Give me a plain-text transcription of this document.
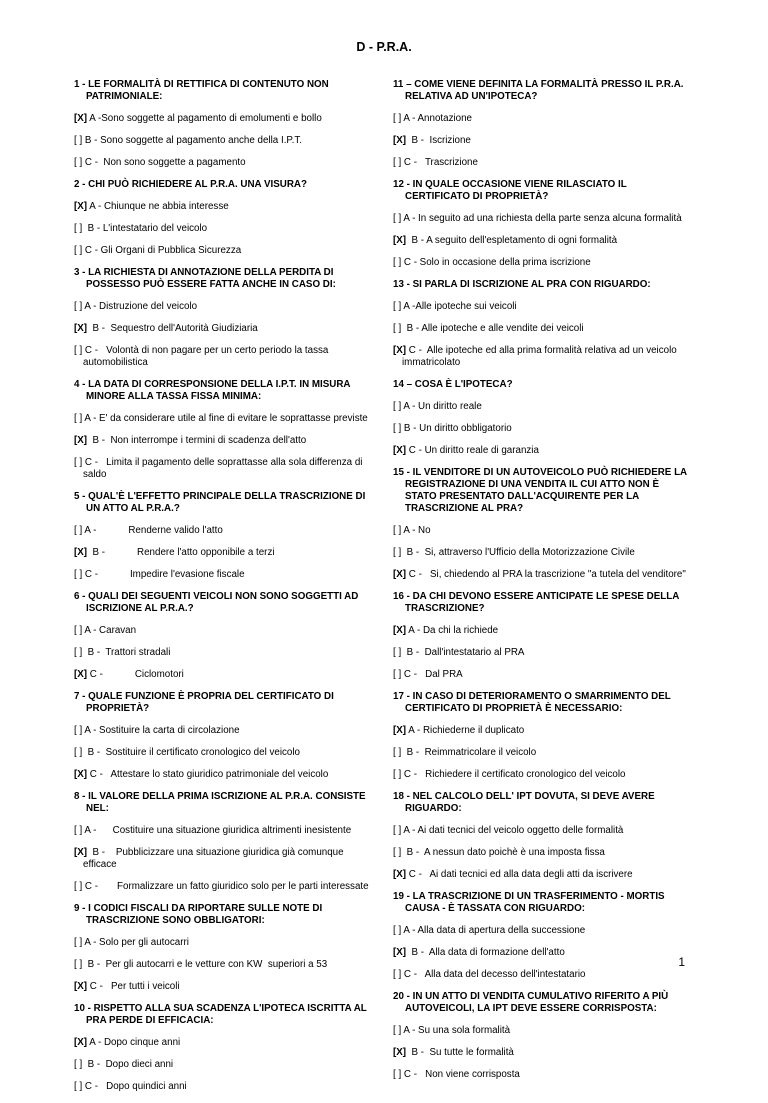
D - P.R.A.
1 - LE FORMALITÀ DI RETTIFICA DI CONTENUTO NON PATRIMONIALE:
[X] A -Sono soggette al pagamento di emolumenti e bollo
[ ] B - Sono soggette al pagamento anche della I.P.T.
[ ] C -  Non sono soggette a pagamento
2 - CHI PUÒ RICHIEDERE AL P.R.A. UNA VISURA?
[X] A - Chiunque ne abbia interesse
[ ]  B - L'intestatario del veicolo
[ ] C - Gli Organi di Pubblica Sicurezza
3 - LA RICHIESTA DI ANNOTAZIONE DELLA PERDITA DI POSSESSO PUÒ ESSERE FATTA ANCHE IN CASO DI:
[ ] A - Distruzione del veicolo
[X]  B -  Sequestro dell'Autorità Giudiziaria
[ ] C -   Volontà di non pagare per un certo periodo la tassa automobilistica
4 - LA DATA DI CORRESPONSIONE DELLA I.P.T. IN MISURA MINORE ALLA TASSA FISSA MINIMA:
[ ] A - E' da considerare utile al fine di evitare le soprattasse previste
[X]  B -  Non interrompe i termini di scadenza dell'atto
[ ] C -   Limita il pagamento delle soprattasse alla sola differenza di saldo
5 - QUAL'È L'EFFETTO PRINCIPALE DELLA TRASCRIZIONE DI UN ATTO AL P.R.A.?
[ ] A -	Renderne valido l'atto
[X]  B -	Rendere l'atto opponibile a terzi
[ ] C -	Impedire l'evasione fiscale
6 - QUALI DEI SEGUENTI VEICOLI NON SONO SOGGETTI AD ISCRIZIONE AL P.R.A.?
[ ] A - Caravan
[ ]  B -  Trattori stradali
[X] C -	Ciclomotori
7 - QUALE FUNZIONE È PROPRIA DEL CERTIFICATO DI PROPRIETÀ?
[ ] A - Sostituire la carta di circolazione
[ ]  B -  Sostituire il certificato cronologico del veicolo
[X] C -   Attestare lo stato giuridico patrimoniale del veicolo
8 - IL VALORE DELLA PRIMA ISCRIZIONE AL P.R.A. CONSISTE NEL:
[ ] A -      Costituire una situazione giuridica altrimenti inesistente
[X]  B -    Pubblicizzare una situazione giuridica già comunque efficace
[ ] C -       Formalizzare un fatto giuridico solo per le parti interessate
9 - I CODICI FISCALI DA RIPORTARE SULLE NOTE DI TRASCRIZIONE SONO OBBLIGATORI:
[ ] A - Solo per gli autocarri
[ ]  B -  Per gli autocarri e le vetture con KW  superiori a 53
[X] C -   Per tutti i veicoli
10 - RISPETTO ALLA SUA SCADENZA L'IPOTECA ISCRITTA AL PRA PERDE DI EFFICACIA:
[X] A - Dopo cinque anni
[ ]  B -  Dopo dieci anni
[ ] C -   Dopo quindici anni
11 – COME VIENE DEFINITA LA FORMALITÀ PRESSO IL P.R.A. RELATIVA AD UN'IPOTECA?
[ ] A - Annotazione
[X]  B -  Iscrizione
[ ] C -   Trascrizione
12 - IN QUALE OCCASIONE VIENE RILASCIATO IL CERTIFICATO DI PROPRIETÀ?
[ ] A - In seguito ad una richiesta della parte senza alcuna formalità
[X]  B - A seguito dell'espletamento di ogni formalità
[ ] C - Solo in occasione della prima iscrizione
13 - SI PARLA DI ISCRIZIONE AL PRA CON RIGUARDO:
[ ] A -Alle ipoteche sui veicoli
[ ]  B - Alle ipoteche e alle vendite dei veicoli
[X] C -  Alle ipoteche ed alla prima formalità relativa ad un veicolo immatricolato
14 – COSA È L'IPOTECA?
[ ] A - Un diritto reale
[ ] B - Un diritto obbligatorio
[X] C - Un diritto reale di garanzia
15 - IL VENDITORE DI UN AUTOVEICOLO PUÒ RICHIEDERE LA REGISTRAZIONE DI UNA VENDITA IL CUI ATTO NON È STATO PRESENTATO DALL'ACQUIRENTE PER LA TRASCRIZIONE AL PRA?
[ ] A - No
[ ]  B -  Si, attraverso l'Ufficio della Motorizzazione Civile
[X] C -   Si, chiedendo al PRA la trascrizione "a tutela del venditore"
16 - DA CHI DEVONO ESSERE ANTICIPATE LE SPESE DELLA TRASCRIZIONE?
[X] A - Da chi la richiede
[ ]  B -  Dall'intestatario al PRA
[ ] C -   Dal PRA
17 - IN CASO DI DETERIORAMENTO O SMARRIMENTO DEL CERTIFICATO DI PROPRIETÀ È NECESSARIO:
[X] A - Richiederne il duplicato
[ ]  B -  Reimmatricolare il veicolo
[ ] C -   Richiedere il certificato cronologico del veicolo
18 - NEL CALCOLO DELL' IPT DOVUTA, SI DEVE AVERE RIGUARDO:
[ ] A - Ai dati tecnici del veicolo oggetto delle formalità
[ ]  B -  A nessun dato poichè è una imposta fissa
[X] C -   Ai dati tecnici ed alla data degli atti da iscrivere
19 - LA TRASCRIZIONE DI UN TRASFERIMENTO - MORTIS CAUSA - È TASSATA CON RIGUARDO:
[ ] A - Alla data di apertura della successione
[X]  B -  Alla data di formazione dell'atto
[ ] C -   Alla data del decesso dell'intestatario
20 - IN UN ATTO DI VENDITA CUMULATIVO RIFERITO A PIÙ AUTOVEICOLI, LA IPT DEVE ESSERE CORRISPOSTA:
[ ] A - Su una sola formalità
[X]  B -  Su tutte le formalità
[ ] C -   Non viene corrisposta
1
